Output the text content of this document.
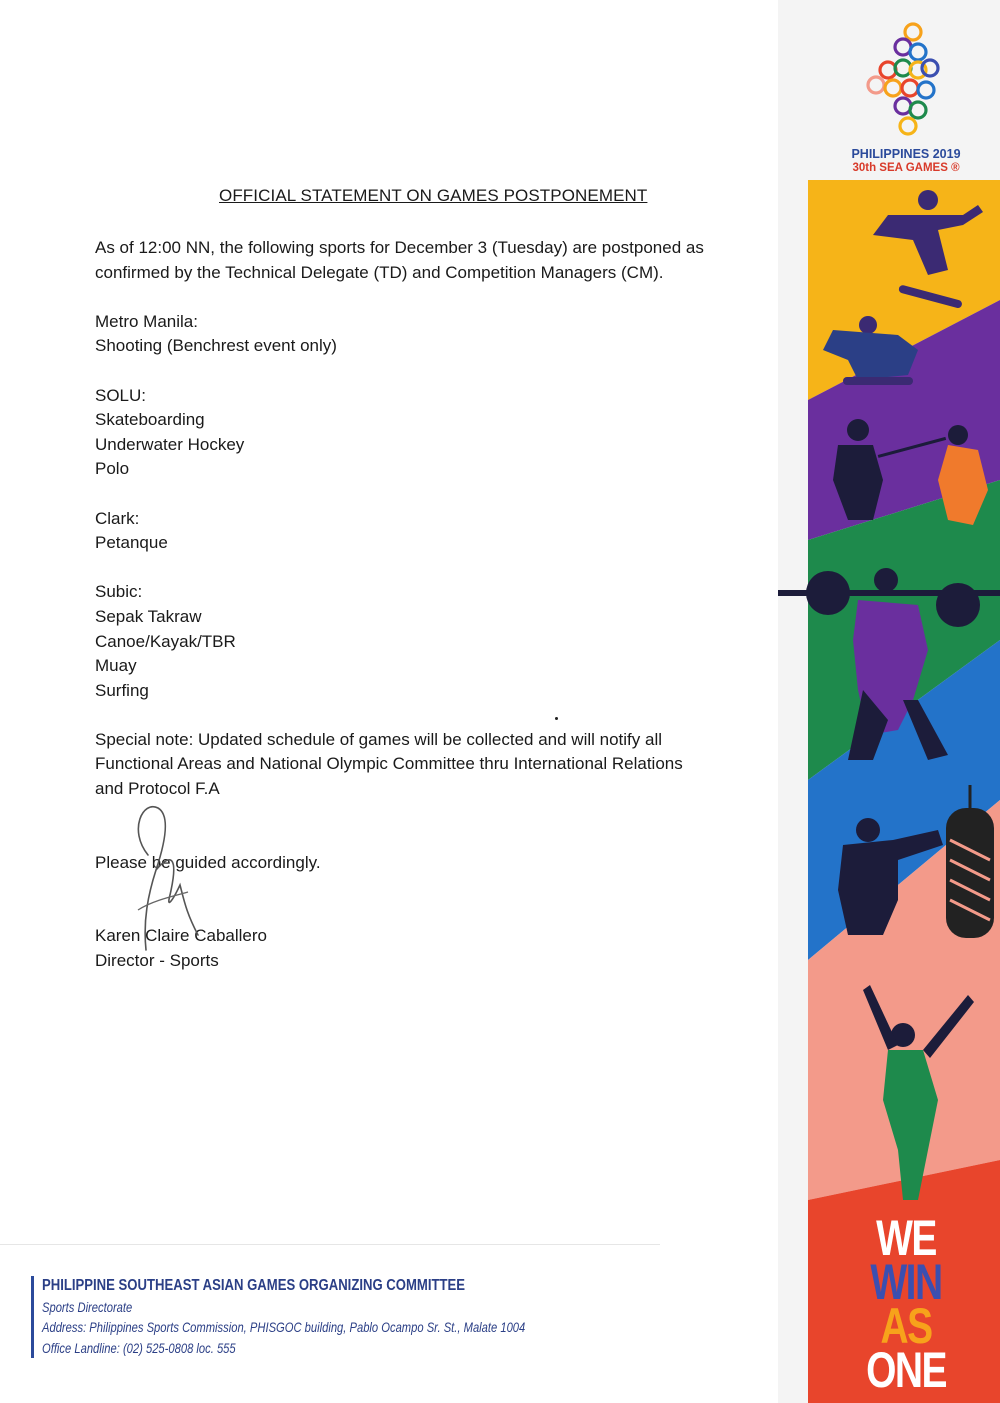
OFFICIAL STATEMENT ON GAMES POSTPONEMENT

As of 12:00 NN, the following sports for December 3 (Tuesday) are postponed as
confirmed by the Technical Delegate (TD) and Competition Managers (CM).

Metro Manila:
Shooting (Benchrest event only)

SOLU:
Skateboarding
Underwater Hockey
Polo

Clark:
Petanque

Subic:
Sepak Takraw
Canoe/Kayak/TBR
Muay
Surfing

Special note: Updated schedule of games will be collected and will notify all
Functional Areas and National Olympic Committee thru International Relations
and Protocol F.A

Please be guided accordingly.

Karen Claire Caballero
Director - Sports

PHILIPPINES 2019
30th SEA GAMES ®
WE
WIN
AS
ONE
PHILIPPINE SOUTHEAST ASIAN GAMES ORGANIZING COMMITTEE
Sports Directorate
Address: Philippines Sports Commission, PHISGOC building, Pablo Ocampo Sr. St., Malate 1004
Office Landline: (02) 525-0808 loc. 555
